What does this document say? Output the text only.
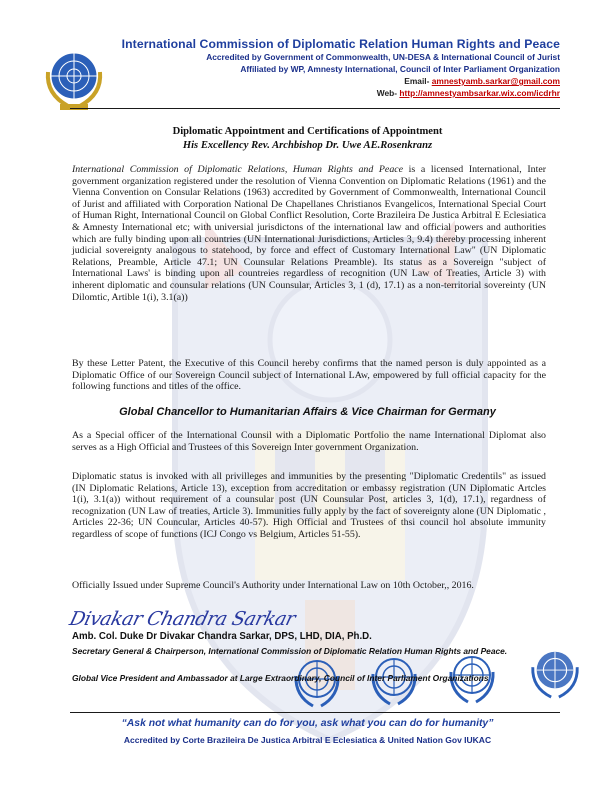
International Commission of Diplomatic Relation Human Rights and Peace
Accredited by Government of Commonwealth, UN-DESA & International Council of Jurist
Affiliated by WP, Amnesty International, Council of Inter Parliament Organization
Email- amnestyamb.sarkar@gmail.com
Web- http://amnestyambsarkar.wix.com/icdrhr
Diplomatic Appointment and Certifications of Appointment
His Excellency Rev. Archbishop Dr. Uwe AE.Rosenkranz
International Commission of Diplomatic Relations, Human Rights and Peace is a licensed International, Inter government organization registered under the resolution of Vienna Convention on Diplomatic Relations (1961) and the Vienna Convention on Consular Relations (1963) accredited by Government of Commonwealth, International Council of Jurist and affiliated with Corporation National De Chapellanes Christianos Evangelicos, International Special Court of Human Right, International Council on Global Conflict Resolution, Corte Brazileira De Justica Arbitral E Eclesiatica & Amnesty International etc; with universial jurisdictons of the international law and official powers and authorities which are fully binding upon all countries (UN International Jurisdictions, Articles 3, 9.4) thereby processing inherent judicial sovereignty analogous to statehood, by force and effect of Customary International Law" (UN Diplomatic Relations, Preamble, Article 47.1; UN Counsular Relations Preamble). Its status as a Sovereign "subject of International Laws' is binding upon all countreies regardless of recognition (UN Law of Treaties, Article 3) with inherent diplomatic and counsular relations (UN Counsular, Articles 3, 1 (d), 17.1) as a non-territorial sovereinty (UN Dilomtic, Artible 1(i), 3.1(a))
By these Letter Patent, the Executive of this Council hereby confirms that the named person is duly appointed as a Diplomatic Office of our Sovereign Council subject of International LAw, empowered by full official capacity for the following functions and titles of the office.
Global Chancellor to Humanitarian Affairs & Vice Chairman for Germany
As a Special officer of the International Counsil with a Diplomatic Portfolio the name International Diplomat also serves as a High Official and Trustees of this Sovereign Inter government Organization.
Diplomatic status is invoked with all privilleges and immunities by the presenting "Diplomatic Credentils" as issued (IN Diplomatic Relations, Article 13), exception from accreditation or embassy registration (UN Diplomatic Artcles 1(i), 3.1(a)) without requirement of a counsular post (UN Counsular Post, articles 3, 1(d), 17.1), regardness of recognization (UN Law of treaties, Article 3). Immunities fully apply by the fact of sovereignty alone (UN Diplomatic , Articles 22-36; UN Councular, Articles 40-57). High Official and Trustees of thsi council hol absolute immunity regardless of scope of functions (ICJ Congo vs Belgium, Articles 51-55).
Officially Issued under Supreme Council's Authority under International Law on 10th October,, 2016.
Divakar Chandra Sarkar
Amb. Col. Duke Dr Divakar Chandra Sarkar, DPS, LHD, DIA, Ph.D.
Secretary General & Chairperson, International Commission of Diplomatic Relation Human Rights and Peace.
Global Vice President and Ambassador at Large Extraordinary, Council of Inter Parliament Organizations
“Ask not what humanity can do for you, ask what you can do for humanity”
Accredited by Corte Brazileira De Justica Arbitral E Eclesiatica & United Nation Gov IUKAC
